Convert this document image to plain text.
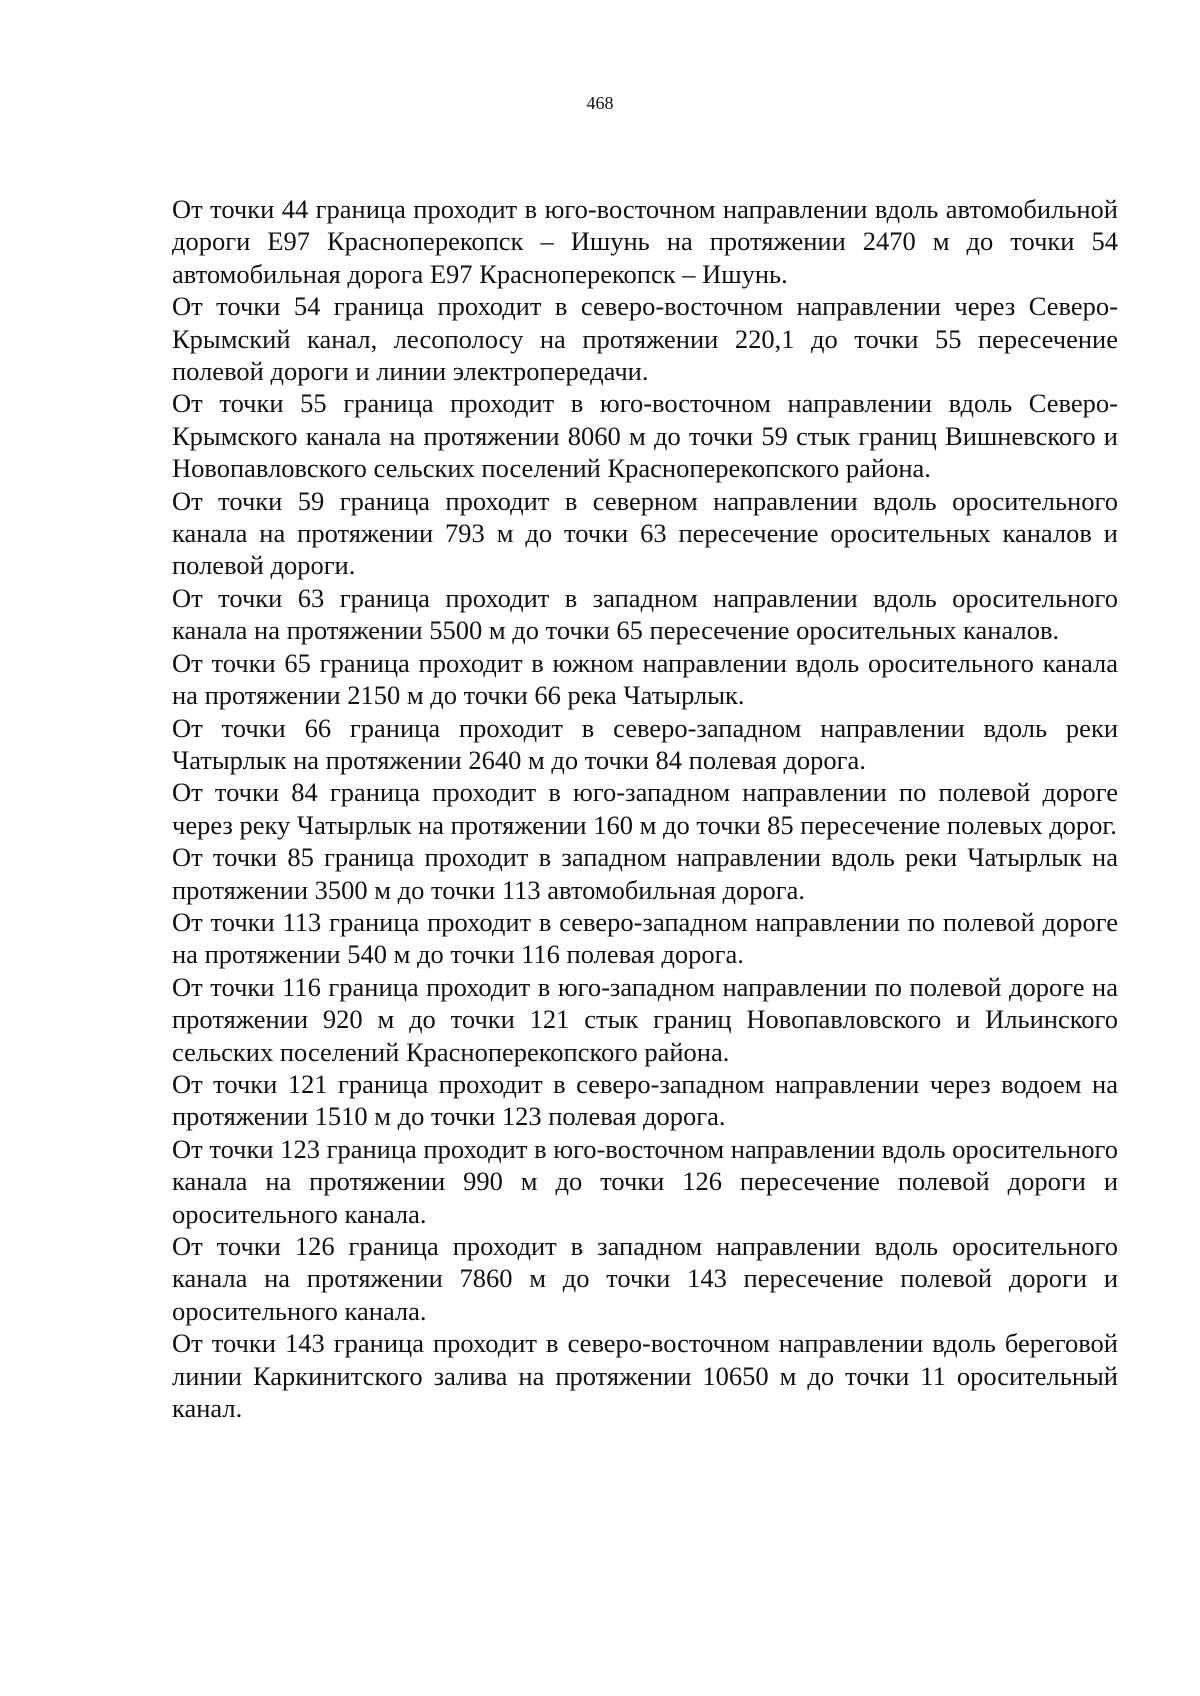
468

От точки 44 граница проходит в юго-восточном направлении вдоль автомобильной дороги Е97 Красноперекопск – Ишунь на протяжении 2470 м до точки 54 автомобильная дорога Е97 Красноперекопск – Ишунь.

От точки 54 граница проходит в северо-восточном направлении через Северо-Крымский канал, лесополосу на протяжении 220,1 до точки 55 пересечение полевой дороги и линии электропередачи.

От точки 55 граница проходит в юго-восточном направлении вдоль Северо-Крымского канала на протяжении 8060 м до точки 59 стык границ Вишневского и Новопавловского сельских поселений Красноперекопского района.

От точки 59 граница проходит в северном направлении вдоль оросительного канала на протяжении 793 м до точки 63 пересечение оросительных каналов и полевой дороги.

От точки 63 граница проходит в западном направлении вдоль оросительного канала на протяжении 5500 м до точки 65 пересечение оросительных каналов.

От точки 65 граница проходит в южном направлении вдоль оросительного канала на протяжении 2150 м до точки 66 река Чатырлык.

От точки 66 граница проходит в северо-западном направлении вдоль реки Чатырлык на протяжении 2640 м до точки 84 полевая дорога.

От точки 84 граница проходит в юго-западном направлении по полевой дороге через реку Чатырлык на протяжении 160 м до точки 85 пересечение полевых дорог.

От точки 85 граница проходит в западном направлении вдоль реки Чатырлык на протяжении 3500 м до точки 113 автомобильная дорога.

От точки 113 граница проходит в северо-западном направлении по полевой дороге на протяжении 540 м до точки 116 полевая дорога.

От точки 116 граница проходит в юго-западном направлении по полевой дороге на протяжении 920 м до точки 121 стык границ Новопавловского и Ильинского сельских поселений Красноперекопского района.

От точки 121 граница проходит в северо-западном направлении через водоем на протяжении 1510 м до точки 123 полевая дорога.

От точки 123 граница проходит в юго-восточном направлении вдоль оросительного канала на протяжении 990 м до точки 126 пересечение полевой дороги и оросительного канала.

От точки 126 граница проходит в западном направлении вдоль оросительного канала на протяжении 7860 м до точки 143 пересечение полевой дороги и оросительного канала.

От точки 143 граница проходит в северо-восточном направлении вдоль береговой линии Каркинитского залива на протяжении 10650 м до точки 11 оросительный канал.
